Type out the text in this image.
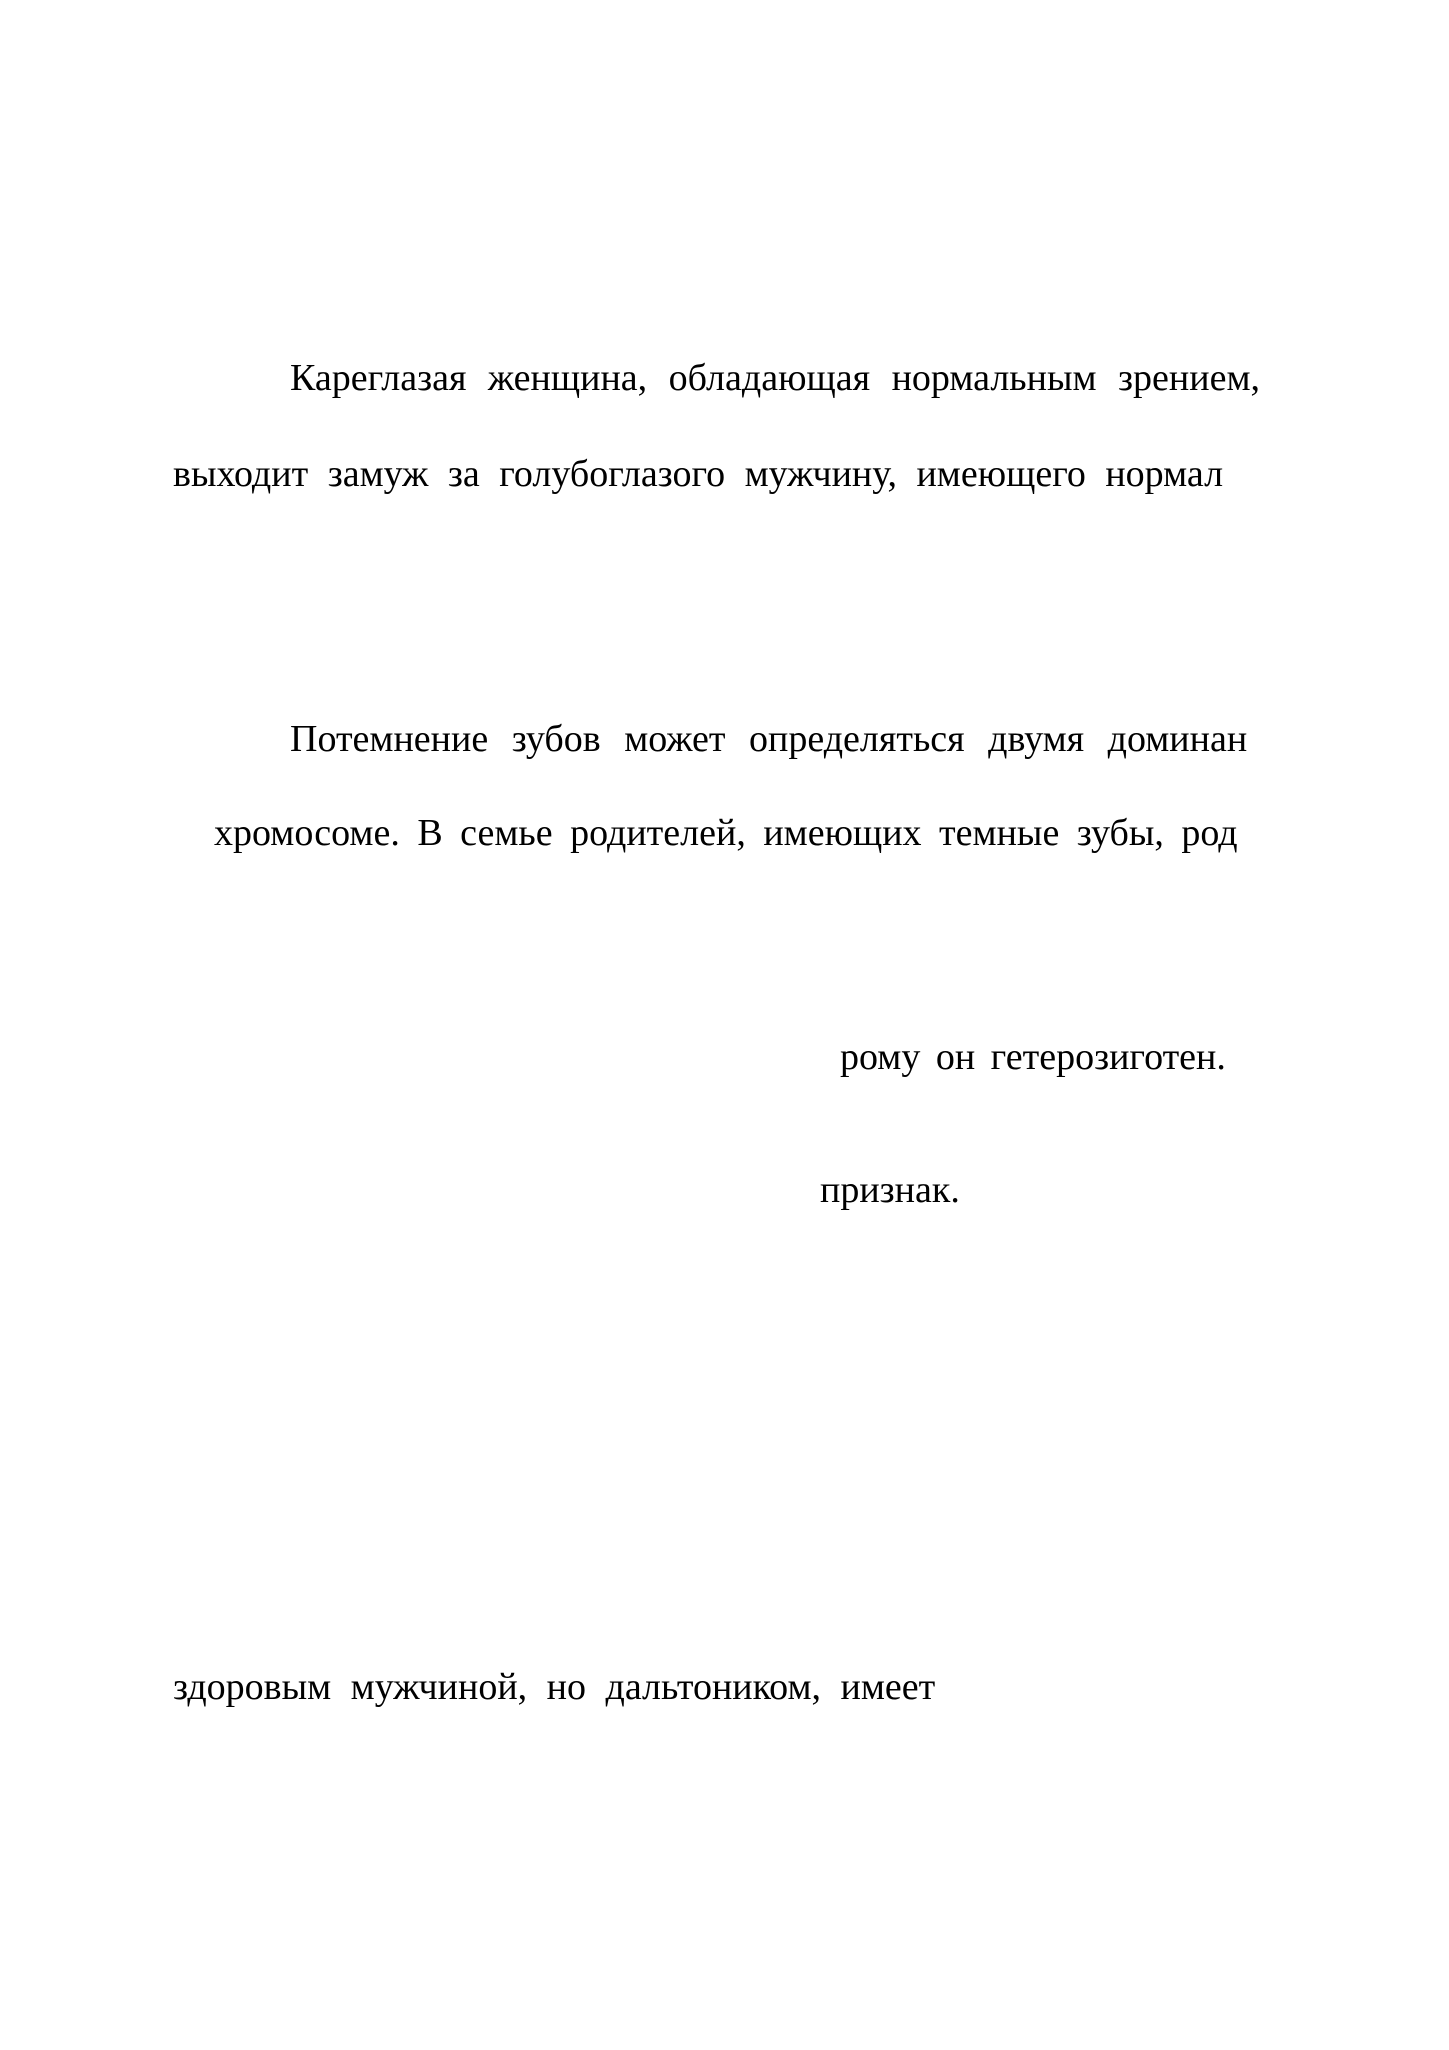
Кареглазая женщина, обладающая нормальным зрением,
выходит замуж за голубоглазого мужчину, имеющего нормал
Потемнение зубов может определяться двумя доминан
хромосоме. В семье родителей, имеющих темные зубы, род
рому он гетерозиготен.
признак.
здоровым мужчиной, но дальтоником, имеет
